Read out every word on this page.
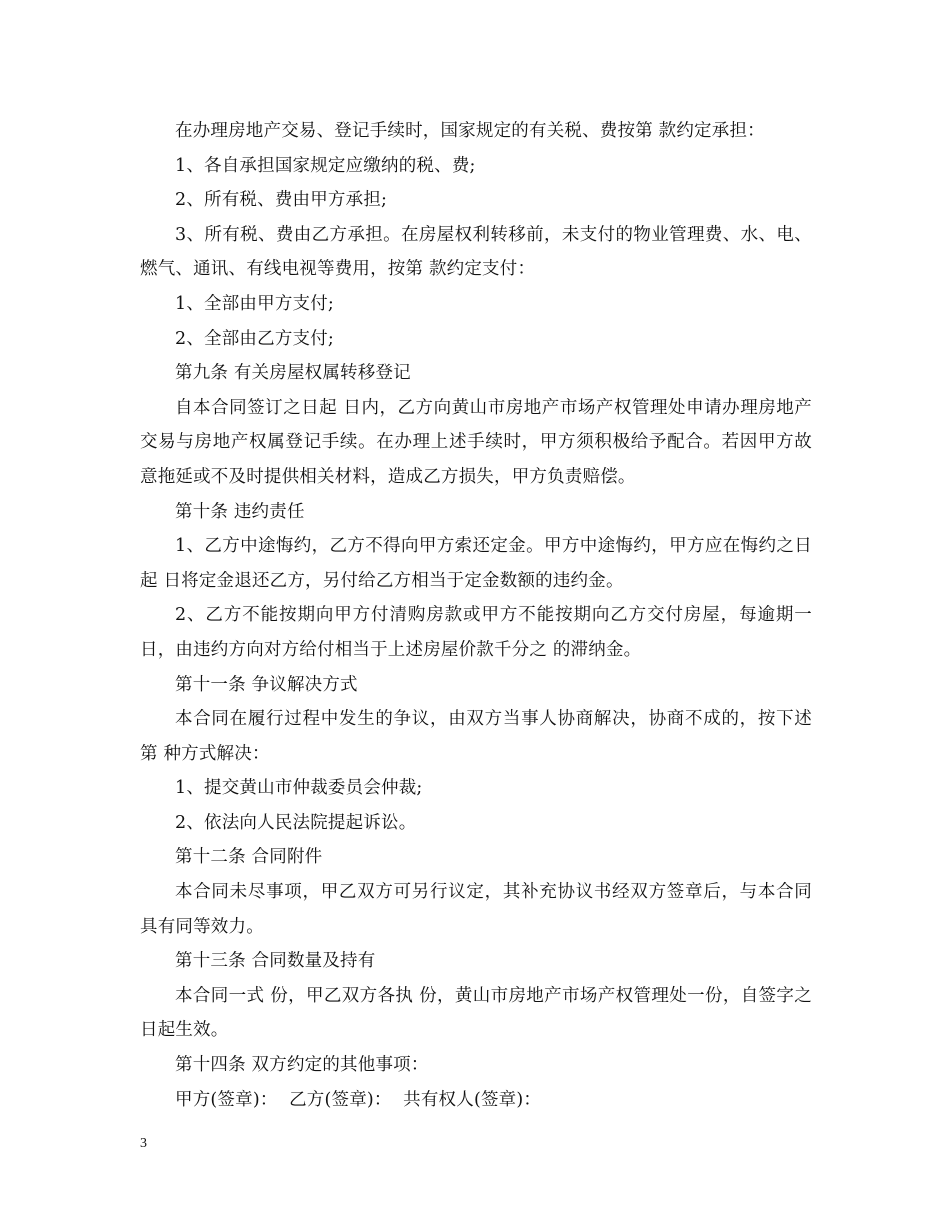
在办理房地产交易、登记手续时，国家规定的有关税、费按第 款约定承担：

1、各自承担国家规定应缴纳的税、费;

2、所有税、费由甲方承担;

3、所有税、费由乙方承担。在房屋权利转移前，未支付的物业管理费、水、电、燃气、通讯、有线电视等费用，按第 款约定支付：

1、全部由甲方支付;

2、全部由乙方支付;

第九条 有关房屋权属转移登记

自本合同签订之日起 日内，乙方向黄山市房地产市场产权管理处申请办理房地产交易与房地产权属登记手续。在办理上述手续时，甲方须积极给予配合。若因甲方故意拖延或不及时提供相关材料，造成乙方损失，甲方负责赔偿。

第十条 违约责任

1、乙方中途悔约，乙方不得向甲方索还定金。甲方中途悔约，甲方应在悔约之日起 日将定金退还乙方，另付给乙方相当于定金数额的违约金。

2、乙方不能按期向甲方付清购房款或甲方不能按期向乙方交付房屋，每逾期一日，由违约方向对方给付相当于上述房屋价款千分之 的滞纳金。

第十一条 争议解决方式

本合同在履行过程中发生的争议，由双方当事人协商解决，协商不成的，按下述第 种方式解决：

1、提交黄山市仲裁委员会仲裁;

2、依法向人民法院提起诉讼。

第十二条 合同附件

本合同未尽事项，甲乙双方可另行议定，其补充协议书经双方签章后，与本合同具有同等效力。

第十三条 合同数量及持有

本合同一式 份，甲乙双方各执 份，黄山市房地产市场产权管理处一份，自签字之日起生效。

第十四条 双方约定的其他事项：

甲方(签章)：  乙方(签章)：  共有权人(签章)：

3
